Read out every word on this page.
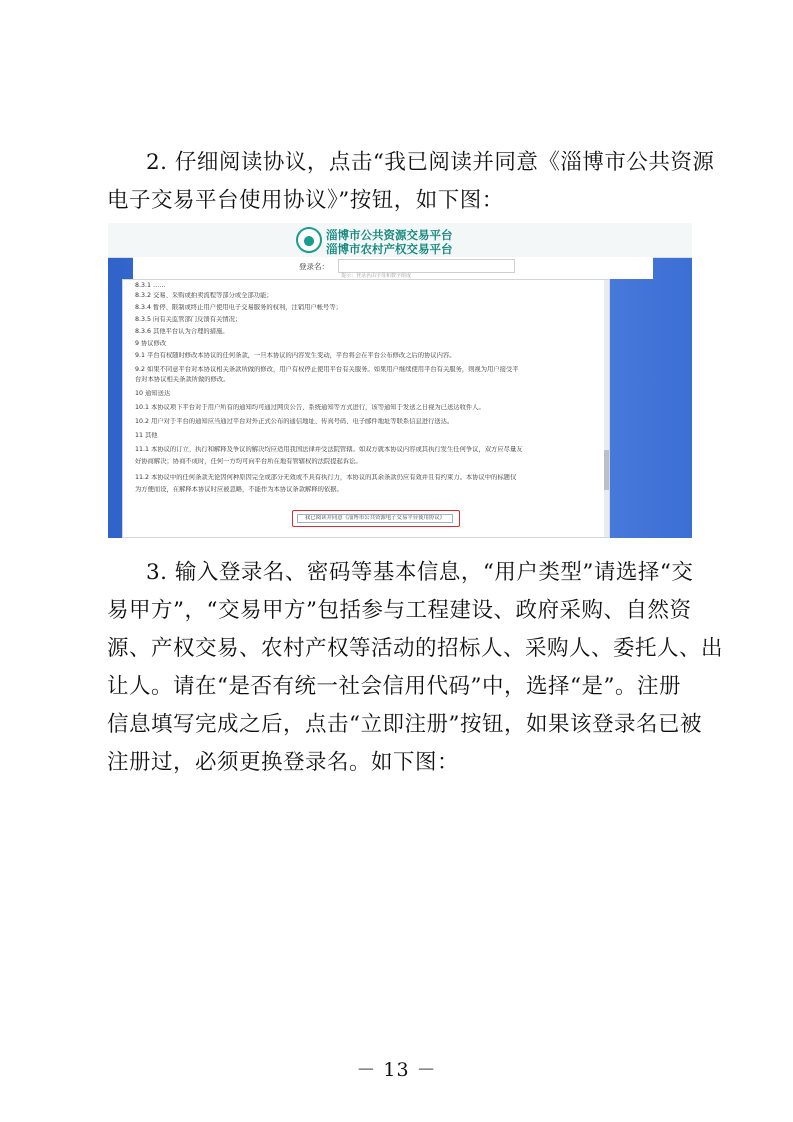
2. 仔细阅读协议，点击“我已阅读并同意《淄博市公共资源
电子交易平台使用协议》”按钮，如下图：
淄博市公共资源交易平台
淄博市农村产权交易平台
登录名：
提示：登录名由字母和数字组成
8.3.1 ……
8.3.2 交易、采购或拍卖流程等部分或全部功能；
8.3.4 暂停、限制或终止用户使用电子交易服务的权利，注销用户帐号等；
8.3.5 向有关监管部门反馈有关情况；
8.3.6 其他平台认为合理的措施。
9 协议修改
9.1 平台有权随时修改本协议的任何条款，一旦本协议的内容发生变动，平台将会在平台公布修改之后的协议内容。
9.2 如果不同意平台对本协议相关条款所做的修改，用户有权停止使用平台有关服务。如果用户继续使用平台有关服务，则视为用户接受平
台对本协议相关条款所做的修改。
10 通知送达
10.1 本协议项下平台对于用户所有的通知均可通过网页公告、系统通知等方式进行，该等通知于发送之日视为已送达收件人。
10.2 用户对于平台的通知应当通过平台对外正式公布的通信地址、传真号码、电子邮件地址等联系信息进行送达。
11 其他
11.1 本协议的订立、执行和解释及争议的解决均应适用我国法律并受法院管辖。如双方就本协议内容或其执行发生任何争议，双方应尽量友
好协商解决；协商不成时，任何一方均可向平台所在地有管辖权的法院提起诉讼。
11.2 本协议中的任何条款无论因何种原因完全或部分无效或不具有执行力，本协议的其余条款仍应有效并且有约束力。本协议中的标题仅
为方便而设，在解释本协议时应被忽略，不能作为本协议条款解释的依据。
我已阅读并同意《淄博市公共资源电子交易平台使用协议》
3. 输入登录名、密码等基本信息，“用户类型”请选择“交
易甲方”，“交易甲方”包括参与工程建设、政府采购、自然资
源、产权交易、农村产权等活动的招标人、采购人、委托人、出
让人。请在“是否有统一社会信用代码”中，选择“是”。注册
信息填写完成之后，点击“立即注册”按钮，如果该登录名已被
注册过，必须更换登录名。如下图：
－ 13 －
